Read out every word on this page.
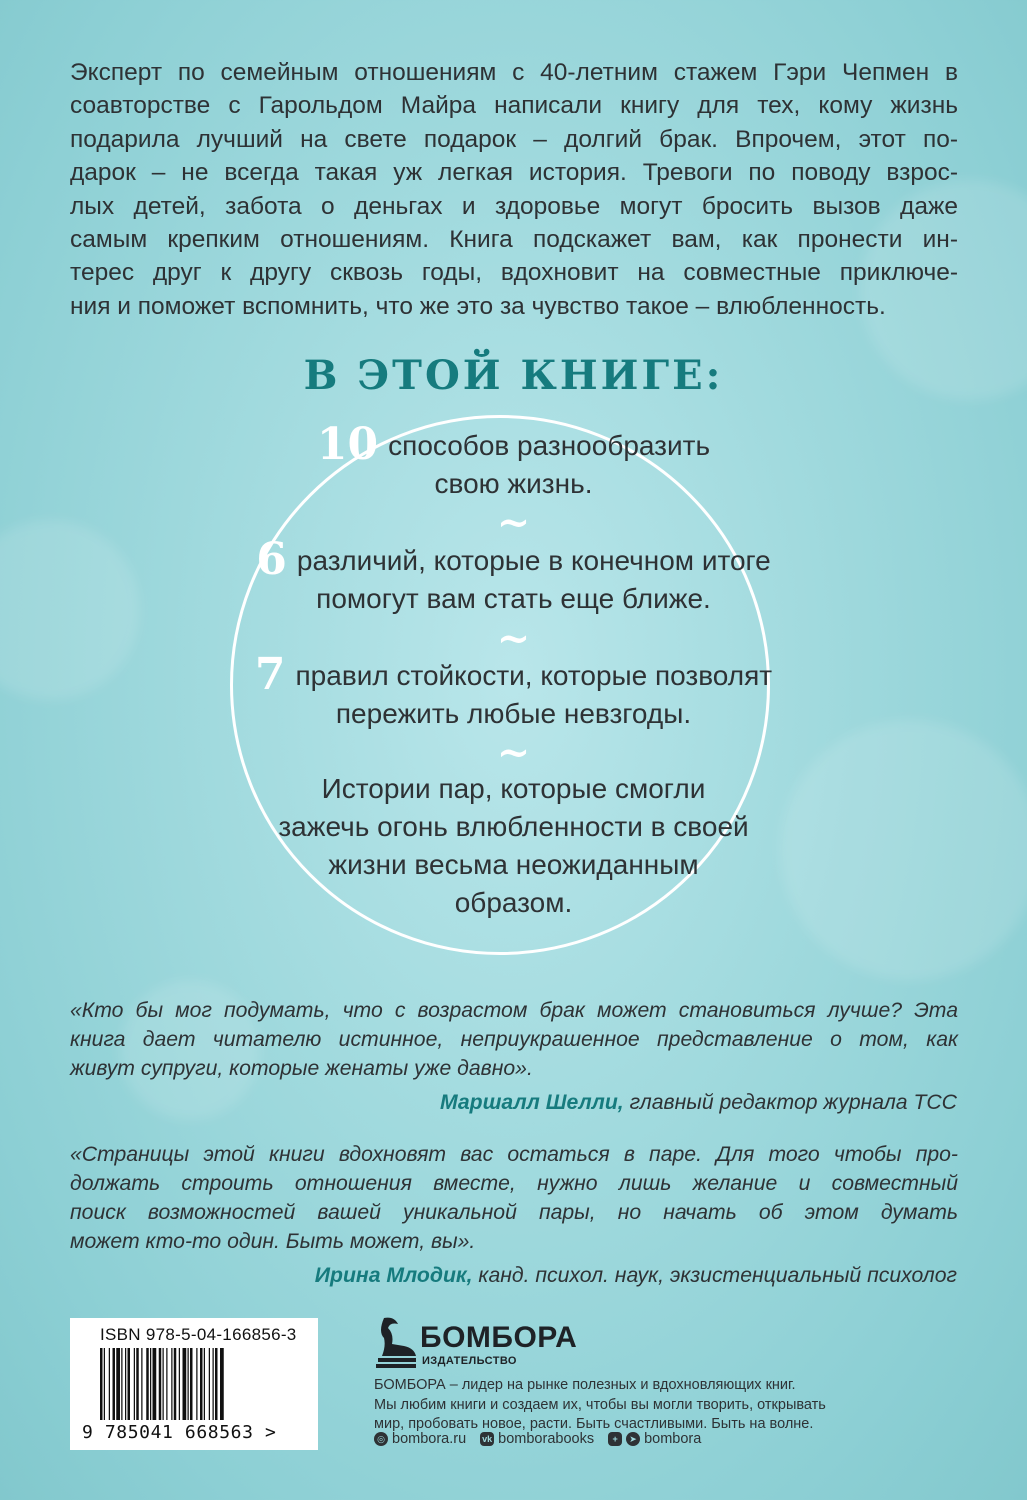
Эксперт по семейным отношениям с 40-летним стажем Гэри Чепмен в
соавторстве с Гарольдом Майра написали книгу для тех, кому жизнь
подарила лучший на свете подарок – долгий брак. Впрочем, этот по-
дарок – не всегда такая уж легкая история. Тревоги по поводу взрос-
лых детей, забота о деньгах и здоровье могут бросить вызов даже
самым крепким отношениям. Книга подскажет вам, как пронести ин-
терес друг к другу сквозь годы, вдохновит на совместные приключе-
ния и поможет вспомнить, что же это за чувство такое – влюбленность.
В ЭТОЙ КНИГЕ:
10 способов разнообразить
свою жизнь.
~
6 различий, которые в конечном итоге
помогут вам стать еще ближе.
~
7 правил стойкости, которые позволят
пережить любые невзгоды.
~
Истории пар, которые смогли
зажечь огонь влюбленности в своей
жизни весьма неожиданным
образом.
«Кто бы мог подумать, что с возрастом брак может становиться лучше? Эта
книга дает читателю истинное, неприукрашенное представление о том, как
живут супруги, которые женаты уже давно».
Маршалл Шелли, главный редактор журнала TCC
«Страницы этой книги вдохновят вас остаться в паре. Для того чтобы про-
должать строить отношения вместе, нужно лишь желание и совместный
поиск возможностей вашей уникальной пары, но начать об этом думать
может кто-то один. Быть может, вы».
Ирина Млодик, канд. психол. наук, экзистенциальный психолог
ISBN 978-5-04-166856-3
9 785041 668563 >
БОМБОРА
ИЗДАТЕЛЬСТВО
БОМБОРА – лидер на рынке полезных и вдохновляющих книг.
Мы любим книги и создаем их, чтобы вы могли творить, открывать
мир, пробовать новое, расти. Быть счастливыми. Быть на волне.
◎ bombora.ru vk bomborabooks	+	➤ bombora
